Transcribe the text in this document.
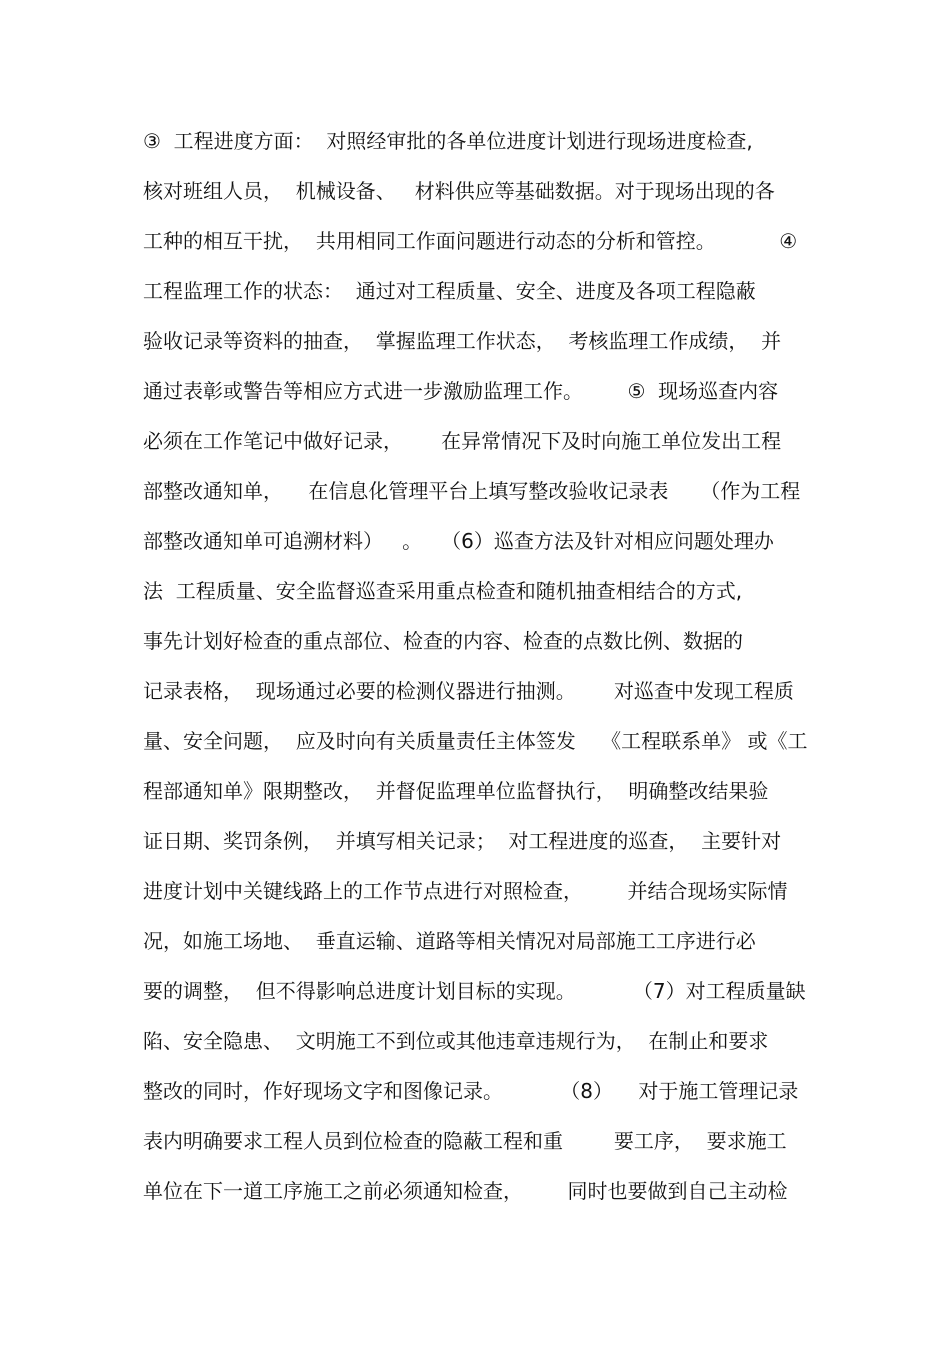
③  工程进度方面：  对照经审批的各单位进度计划进行现场进度检查,
核对班组人员，  机械设备、   材料供应等基础数据。对于现场出现的各
工种的相互干扰，  共用相同工作面问题进行动态的分析和管控。          ④
工程监理工作的状态：  通过对工程质量、安全、进度及各项工程隐蔽
验收记录等资料的抽查，  掌握监理工作状态，  考核监理工作成绩，  并
通过表彰或警告等相应方式进一步激励监理工作。       ⑤  现场巡查内容
必须在工作笔记中做好记录，      在异常情况下及时向施工单位发出工程
部整改通知单，    在信息化管理平台上填写整改验收记录表     （作为工程
部整改通知单可追溯材料）   。   （6）巡查方法及针对相应问题处理办
法  工程质量、安全监督巡查采用重点检查和随机抽查相结合的方式,
事先计划好检查的重点部位、检查的内容、检查的点数比例、数据的
记录表格，  现场通过必要的检测仪器进行抽测。      对巡查中发现工程质
量、安全问题，  应及时向有关质量责任主体签发    《工程联系单》 或《工
程部通知单》限期整改，  并督促监理单位监督执行，  明确整改结果验
证日期、奖罚条例，  并填写相关记录；  对工程进度的巡查，  主要针对
进度计划中关键线路上的工作节点进行对照检查，       并结合现场实际情
况，如施工场地、  垂直运输、道路等相关情况对局部施工工序进行必
要的调整，  但不得影响总进度计划目标的实现。         （7）对工程质量缺
陷、安全隐患、  文明施工不到位或其他违章违规行为，  在制止和要求
整改的同时，作好现场文字和图像记录。         （8）    对于施工管理记录
表内明确要求工程人员到位检查的隐蔽工程和重        要工序，  要求施工
单位在下一道工序施工之前必须通知检查，       同时也要做到自己主动检
